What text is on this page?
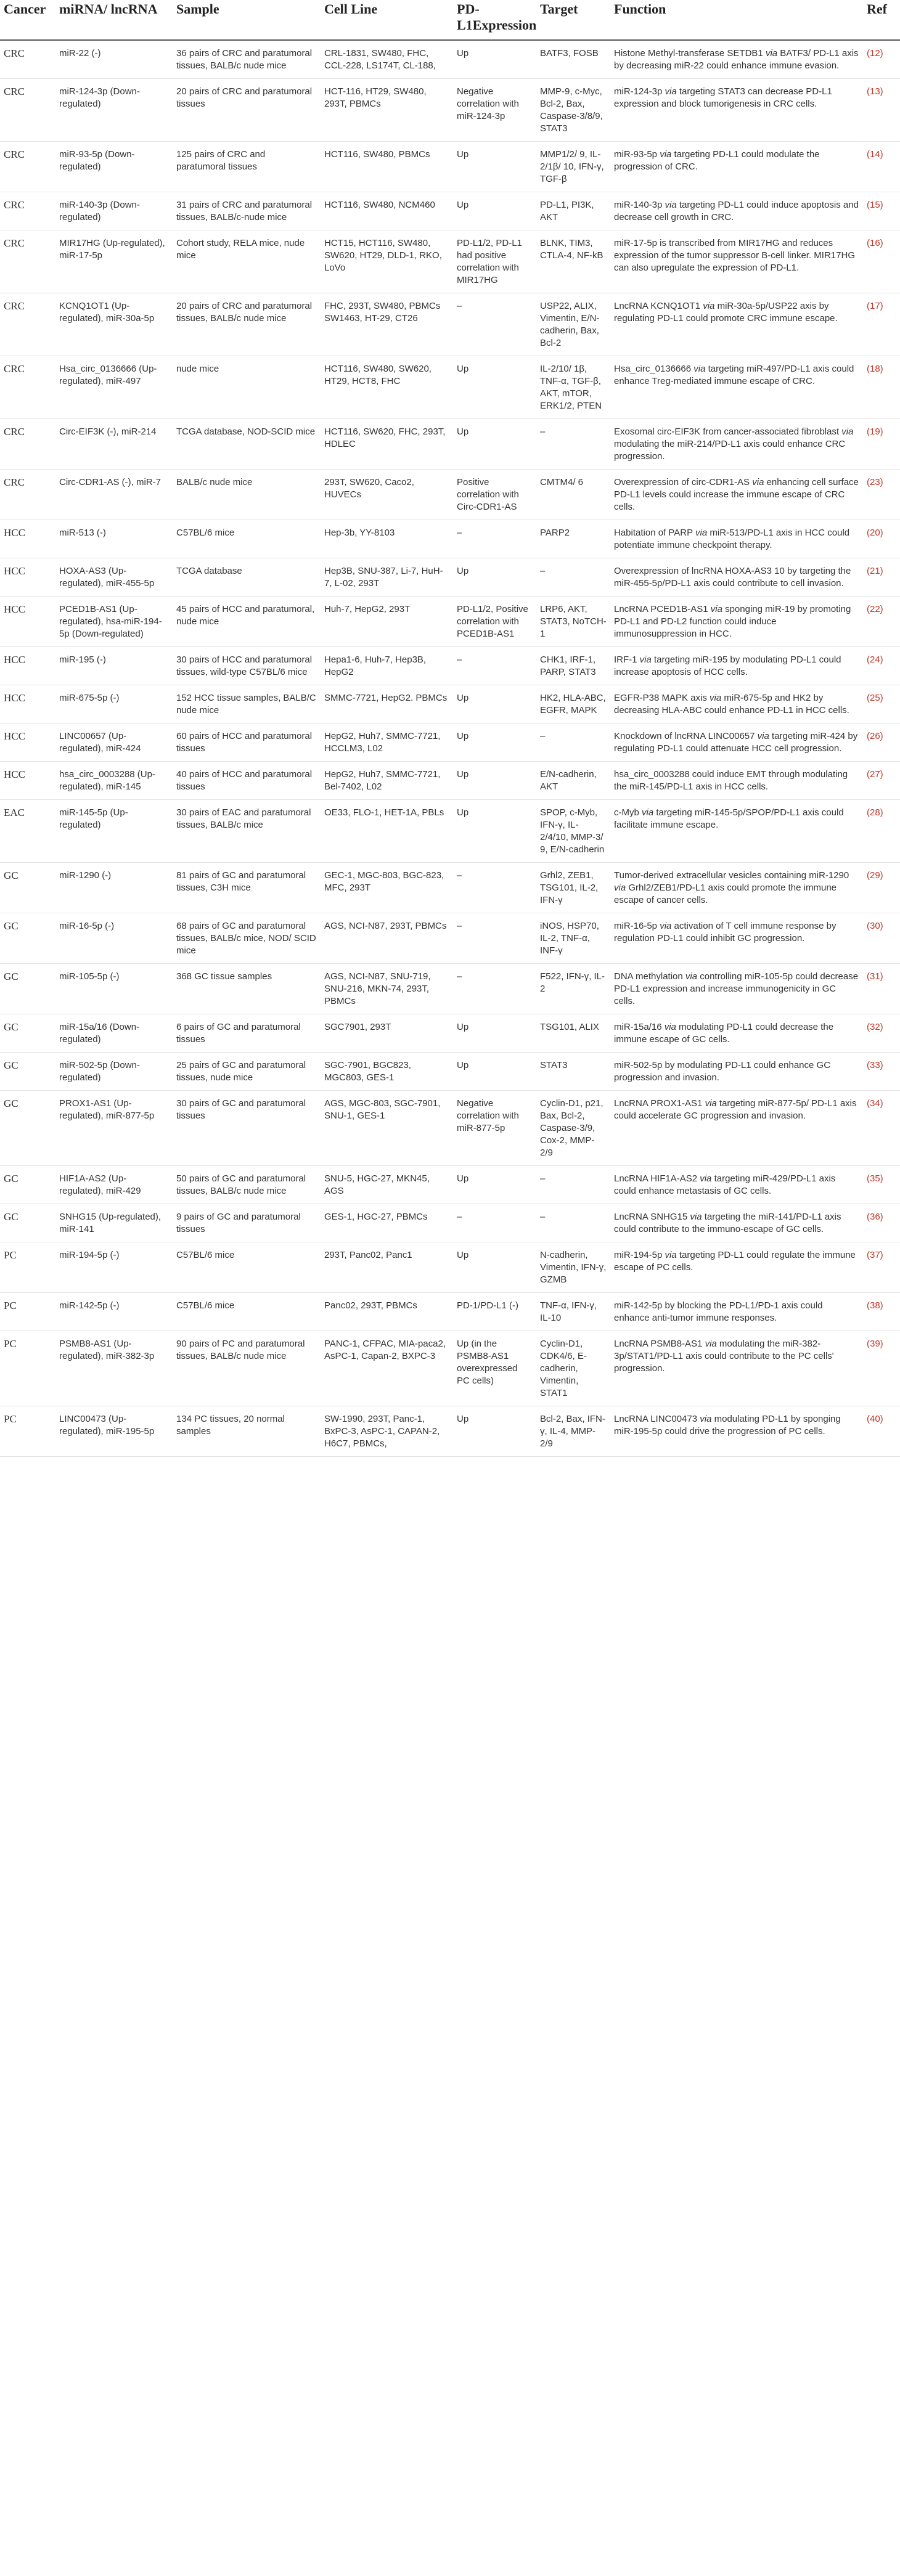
Cancer	miRNA/ lncRNA	Sample	Cell Line	PD-L1Expression	Target	Function	Ref
CRC	miR-22 (-)	36 pairs of CRC and paratumoral tissues, BALB/c nude mice	CRL-1831, SW480, FHC, CCL-228, LS174T, CL-188,	Up	BATF3, FOSB	Histone Methyl-transferase SETDB1 via BATF3/ PD-L1 axis by decreasing miR-22 could enhance immune evasion.	(12)
CRC	miR-124-3p (Down-regulated)	20 pairs of CRC and paratumoral tissues	HCT-116, HT29, SW480, 293T, PBMCs	Negative correlation with miR-124-3p	MMP-9, c-Myc, Bcl-2, Bax, Caspase-3/8/9, STAT3	miR-124-3p via targeting STAT3 can decrease PD-L1 expression and block tumorigenesis in CRC cells.	(13)
CRC	miR-93-5p (Down-regulated)	125 pairs of CRC and paratumoral tissues	HCT116, SW480, PBMCs	Up	MMP1/2/ 9, IL-2/1β/ 10, IFN-γ, TGF-β	miR-93-5p via targeting PD-L1 could modulate the progression of CRC.	(14)
CRC	miR-140-3p (Down-regulated)	31 pairs of CRC and paratumoral tissues, BALB/c-nude mice	HCT116, SW480, NCM460	Up	PD-L1, PI3K, AKT	miR-140-3p via targeting PD-L1 could induce apoptosis and decrease cell growth in CRC.	(15)
CRC	MIR17HG (Up-regulated), miR-17-5p	Cohort study, RELA mice, nude mice	HCT15, HCT116, SW480, SW620, HT29, DLD-1, RKO, LoVo	PD-L1/2, PD-L1 had positive correlation with MIR17HG	BLNK, TIM3, CTLA-4, NF-kB	miR-17-5p is transcribed from MIR17HG and reduces expression of the tumor suppressor B-cell linker. MIR17HG can also upregulate the expression of PD-L1.	(16)
CRC	KCNQ1OT1 (Up-regulated), miR-30a-5p	20 pairs of CRC and paratumoral tissues, BALB/c nude mice	FHC, 293T, SW480, PBMCs SW1463, HT-29, CT26	–	USP22, ALIX, Vimentin, E/N-cadherin, Bax, Bcl-2	LncRNA KCNQ1OT1 via miR-30a-5p/USP22 axis by regulating PD-L1 could promote CRC immune escape.	(17)
CRC	Hsa_circ_0136666 (Up-regulated), miR-497	nude mice	HCT116, SW480, SW620, HT29, HCT8, FHC	Up	IL-2/10/ 1β, TNF-α, TGF-β, AKT, mTOR, ERK1/2, PTEN	Hsa_circ_0136666 via targeting miR-497/PD-L1 axis could enhance Treg-mediated immune escape of CRC.	(18)
CRC	Circ-EIF3K (-), miR-214	TCGA database, NOD-SCID mice	HCT116, SW620, FHC, 293T, HDLEC	Up	–	Exosomal circ-EIF3K from cancer-associated fibroblast via modulating the miR-214/PD-L1 axis could enhance CRC progression.	(19)
CRC	Circ-CDR1-AS (-), miR-7	BALB/c nude mice	293T, SW620, Caco2, HUVECs	Positive correlation with Circ-CDR1-AS	CMTM4/ 6	Overexpression of circ-CDR1-AS via enhancing cell surface PD-L1 levels could increase the immune escape of CRC cells.	(23)
HCC	miR-513 (-)	C57BL/6 mice	Hep-3b, YY-8103	–	PARP2	Habitation of PARP via miR-513/PD-L1 axis in HCC could potentiate immune checkpoint therapy.	(20)
HCC	HOXA-AS3 (Up-regulated), miR-455-5p	TCGA database	Hep3B, SNU-387, Li-7, HuH-7, L-02, 293T	Up	–	Overexpression of lncRNA HOXA-AS3 10 by targeting the miR-455-5p/PD-L1 axis could contribute to cell invasion.	(21)
HCC	PCED1B-AS1 (Up-regulated), hsa-miR-194-5p (Down-regulated)	45 pairs of HCC and paratumoral, nude mice	Huh-7, HepG2, 293T	PD-L1/2, Positive correlation with PCED1B-AS1	LRP6, AKT, STAT3, NoTCH-1	LncRNA PCED1B-AS1 via sponging miR-19 by promoting PD-L1 and PD-L2 function could induce immunosuppression in HCC.	(22)
HCC	miR-195 (-)	30 pairs of HCC and paratumoral tissues, wild-type C57BL/6 mice	Hepa1-6, Huh-7, Hep3B, HepG2	–	CHK1, IRF-1, PARP, STAT3	IRF-1 via targeting miR-195 by modulating PD-L1 could increase apoptosis of HCC cells.	(24)
HCC	miR-675-5p (-)	152 HCC tissue samples, BALB/C nude mice	SMMC-7721, HepG2. PBMCs	Up	HK2, HLA-ABC, EGFR, MAPK	EGFR-P38 MAPK axis via miR-675-5p and HK2 by decreasing HLA-ABC could enhance PD-L1 in HCC cells.	(25)
HCC	LINC00657 (Up-regulated), miR-424	60 pairs of HCC and paratumoral tissues	HepG2, Huh7, SMMC-7721, HCCLM3, L02	Up	–	Knockdown of lncRNA LINC00657 via targeting miR-424 by regulating PD-L1 could attenuate HCC cell progression.	(26)
HCC	hsa_circ_0003288 (Up-regulated), miR-145	40 pairs of HCC and paratumoral tissues	HepG2, Huh7, SMMC-7721, Bel-7402, L02	Up	E/N-cadherin, AKT	hsa_circ_0003288 could induce EMT through modulating the miR-145/PD-L1 axis in HCC cells.	(27)
EAC	miR-145-5p (Up-regulated)	30 pairs of EAC and paratumoral tissues, BALB/c mice	OE33, FLO-1, HET-1A, PBLs	Up	SPOP, c-Myb, IFN-γ, IL-2/4/10, MMP-3/ 9, E/N-cadherin	c-Myb via targeting miR-145-5p/SPOP/PD-L1 axis could facilitate immune escape.	(28)
GC	miR-1290 (-)	81 pairs of GC and paratumoral tissues, C3H mice	GEC-1, MGC-803, BGC-823, MFC, 293T	–	Grhl2, ZEB1, TSG101, IL-2, IFN-γ	Tumor-derived extracellular vesicles containing miR-1290 via Grhl2/ZEB1/PD-L1 axis could promote the immune escape of cancer cells.	(29)
GC	miR-16-5p (-)	68 pairs of GC and paratumoral tissues, BALB/c mice, NOD/ SCID mice	AGS, NCI-N87, 293T, PBMCs	–	iNOS, HSP70, IL-2, TNF-α, INF-γ	miR-16-5p via activation of T cell immune response by regulation PD-L1 could inhibit GC progression.	(30)
GC	miR-105-5p (-)	368 GC tissue samples	AGS, NCI-N87, SNU-719, SNU-216, MKN-74, 293T, PBMCs	–	F522, IFN-γ, IL-2	DNA methylation via controlling miR-105-5p could decrease PD-L1 expression and increase immunogenicity in GC cells.	(31)
GC	miR-15a/16 (Down-regulated)	6 pairs of GC and paratumoral tissues	SGC7901, 293T	Up	TSG101, ALIX	miR-15a/16 via modulating PD-L1 could decrease the immune escape of GC cells.	(32)
GC	miR-502-5p (Down-regulated)	25 pairs of GC and paratumoral tissues, nude mice	SGC-7901, BGC823, MGC803, GES-1	Up	STAT3	miR-502-5p by modulating PD-L1 could enhance GC progression and invasion.	(33)
GC	PROX1-AS1 (Up-regulated), miR-877-5p	30 pairs of GC and paratumoral tissues	AGS, MGC-803, SGC-7901, SNU-1, GES-1	Negative correlation with miR-877-5p	Cyclin-D1, p21, Bax, Bcl-2, Caspase-3/9, Cox-2, MMP-2/9	LncRNA PROX1-AS1 via targeting miR-877-5p/ PD-L1 axis could accelerate GC progression and invasion.	(34)
GC	HIF1A-AS2 (Up-regulated), miR-429	50 pairs of GC and paratumoral tissues, BALB/c nude mice	SNU-5, HGC-27, MKN45, AGS	Up	–	LncRNA HIF1A-AS2 via targeting miR-429/PD-L1 axis could enhance metastasis of GC cells.	(35)
GC	SNHG15 (Up-regulated), miR-141	9 pairs of GC and paratumoral tissues	GES-1, HGC-27, PBMCs	–	–	LncRNA SNHG15 via targeting the miR-141/PD-L1 axis could contribute to the immuno-escape of GC cells.	(36)
PC	miR-194-5p (-)	C57BL/6 mice	293T, Panc02, Panc1	Up	N-cadherin, Vimentin, IFN-γ, GZMB	miR-194-5p via targeting PD-L1 could regulate the immune escape of PC cells.	(37)
PC	miR-142-5p (-)	C57BL/6 mice	Panc02, 293T, PBMCs	PD-1/PD-L1 (-)	TNF-α, IFN-γ, IL-10	miR-142-5p by blocking the PD-L1/PD-1 axis could enhance anti-tumor immune responses.	(38)
PC	PSMB8-AS1 (Up-regulated), miR-382-3p	90 pairs of PC and paratumoral tissues, BALB/c nude mice	PANC-1, CFPAC, MIA-paca2, AsPC-1, Capan-2, BXPC-3	Up (in the PSMB8-AS1 overexpressed PC cells)	Cyclin-D1, CDK4/6, E-cadherin, Vimentin, STAT1	LncRNA PSMB8-AS1 via modulating the miR-382-3p/STAT1/PD-L1 axis could contribute to the PC cells' progression.	(39)
PC	LINC00473 (Up-regulated), miR-195-5p	134 PC tissues, 20 normal samples	SW-1990, 293T, Panc-1, BxPC-3, AsPC-1, CAPAN-2, H6C7, PBMCs,	Up	Bcl-2, Bax, IFN-γ, IL-4, MMP-2/9	LncRNA LINC00473 via modulating PD-L1 by sponging miR-195-5p could drive the progression of PC cells.	(40)
